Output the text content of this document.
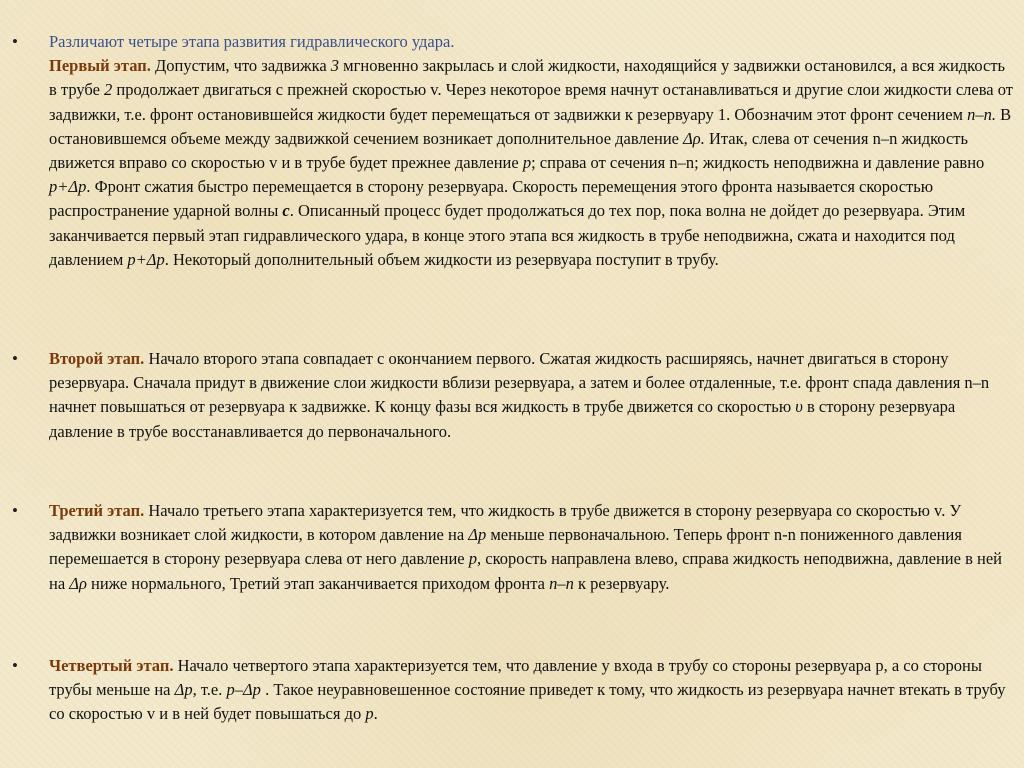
• Различают четыре этапа развития гидравлического удара.
Первый этап. Допустим, что задвижка 3 мгновенно закрылась и слой жидкости, находящийся у задвижки остановился, а вся жидкость в трубе 2 продолжает двигаться с прежней скоростью v. Через некоторое время начнут останавливаться и другие слои жидкости слева от задвижки, т.е. фронт остановившейся жидкости будет перемещаться от задвижки к резервуару 1. Обозначим этот фронт сечением n–n. В остановившемся объеме между задвижкой сечением возникает дополнительное давление Δρ. Итак, слева от сечения n–n жидкость движется вправо со скоростью v и в трубе будет прежнее давление p; справа от сечения n–n; жидкость неподвижна и давление равно p+Δp. Фронт сжатия быстро перемещается в сторону резервуара. Скорость перемещения этого фронта называется скоростью распространение ударной волны c. Описанный процесс будет продолжаться до тех пор, пока волна не дойдет до резервуара. Этим заканчивается первый этап гидравлического удара, в конце этого этапа вся жидкость в трубе неподвижна, сжата и находится под давлением p+Δp. Некоторый дополнительный объем жидкости из резервуара поступит в трубу.
• Второй этап. Начало второго этапа совпадает с окончанием первого. Сжатая жидкость расширяясь, начнет двигаться в сторону резервуара. Сначала придут в движение слои жидкости вблизи резервуара, а затем и более отдаленные, т.е. фронт спада давления n–n начнет повышаться от резервуара к задвижке. К концу фазы вся жидкость в трубе движется со скоростью υ в сторону резервуара давление в трубе восстанавливается до первоначального.
• Третий этап. Начало третьего этапа характеризуется тем, что жидкость в трубе движется в сторону резервуара со скоростью v. У задвижки возникает слой жидкости, в котором давление на Δp меньше первоначальною. Теперь фронт n-n пониженного давления перемешается в сторону резервуара слева от него давление p, скорость направлена влево, справа жидкость неподвижна, давление в ней на Δρ ниже нормального, Третий этап заканчивается приходом фронта n–n к резервуару.
• Четвертый этап. Начало четвертого этапа характеризуется тем, что давление у входа в трубу со стороны резервуара p, а со стороны трубы меньше на Δp, т.е. p–Δp . Такое неуравновешенное состояние приведет к тому, что жидкость из резервуара начнет втекать в трубу со скоростью v и в ней будет повышаться до p.
